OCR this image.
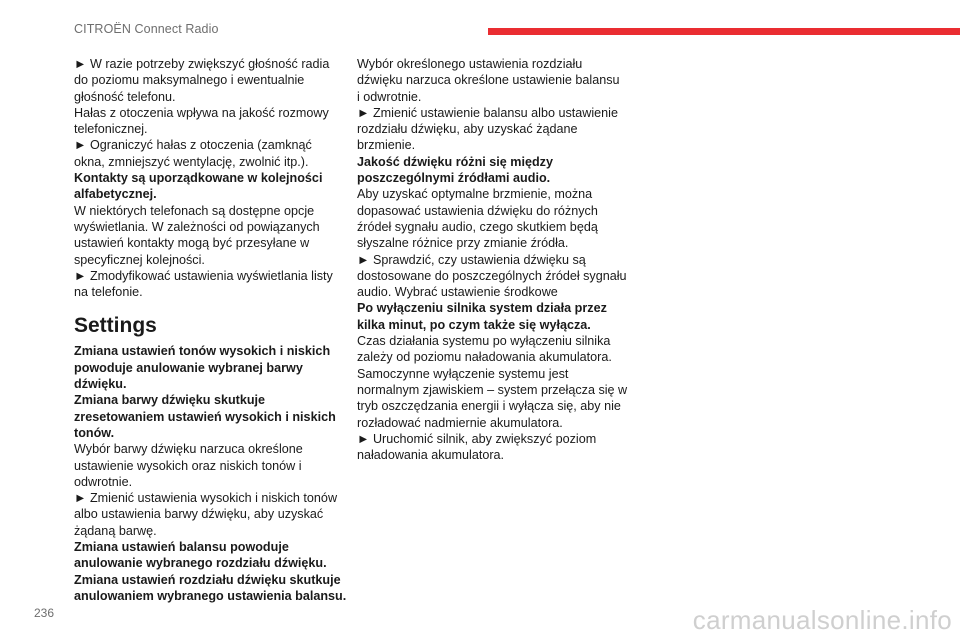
CITROËN Connect Radio
► W razie potrzeby zwiększyć głośność radia
do poziomu maksymalnego i ewentualnie
głośność telefonu.
Hałas z otoczenia wpływa na jakość rozmowy
telefonicznej.
► Ograniczyć hałas z otoczenia (zamknąć
okna, zmniejszyć wentylację, zwolnić itp.).
Kontakty są uporządkowane w kolejności
alfabetycznej.
W niektórych telefonach są dostępne opcje
wyświetlania. W zależności od powiązanych
ustawień kontakty mogą być przesyłane w
specyficznej kolejności.
► Zmodyfikować ustawienia wyświetlania listy
na telefonie.
Settings
Zmiana ustawień tonów wysokich i niskich
powoduje anulowanie wybranej barwy
dźwięku.
Zmiana barwy dźwięku skutkuje
zresetowaniem ustawień wysokich i niskich
tonów.
Wybór barwy dźwięku narzuca określone
ustawienie wysokich oraz niskich tonów i
odwrotnie.
► Zmienić ustawienia wysokich i niskich tonów
albo ustawienia barwy dźwięku, aby uzyskać
żądaną barwę.
Zmiana ustawień balansu powoduje
anulowanie wybranego rozdziału dźwięku.
Zmiana ustawień rozdziału dźwięku skutkuje
anulowaniem wybranego ustawienia balansu.
Wybór określonego ustawienia rozdziału
dźwięku narzuca określone ustawienie balansu
i odwrotnie.
► Zmienić ustawienie balansu albo ustawienie
rozdziału dźwięku, aby uzyskać żądane
brzmienie.
Jakość dźwięku różni się między
poszczególnymi źródłami audio.
Aby uzyskać optymalne brzmienie, można
dopasować ustawienia dźwięku do różnych
źródeł sygnału audio, czego skutkiem będą
słyszalne różnice przy zmianie źródła.
► Sprawdzić, czy ustawienia dźwięku są
dostosowane do poszczególnych źródeł sygnału
audio. Wybrać ustawienie środkowe
Po wyłączeniu silnika system działa przez
kilka minut, po czym także się wyłącza.
Czas działania systemu po wyłączeniu silnika
zależy od poziomu naładowania akumulatora.
Samoczynne wyłączenie systemu jest
normalnym zjawiskiem – system przełącza się w
tryb oszczędzania energii i wyłącza się, aby nie
rozładować nadmiernie akumulatora.
► Uruchomić silnik, aby zwiększyć poziom
naładowania akumulatora.
236	carmanualsonline.info
